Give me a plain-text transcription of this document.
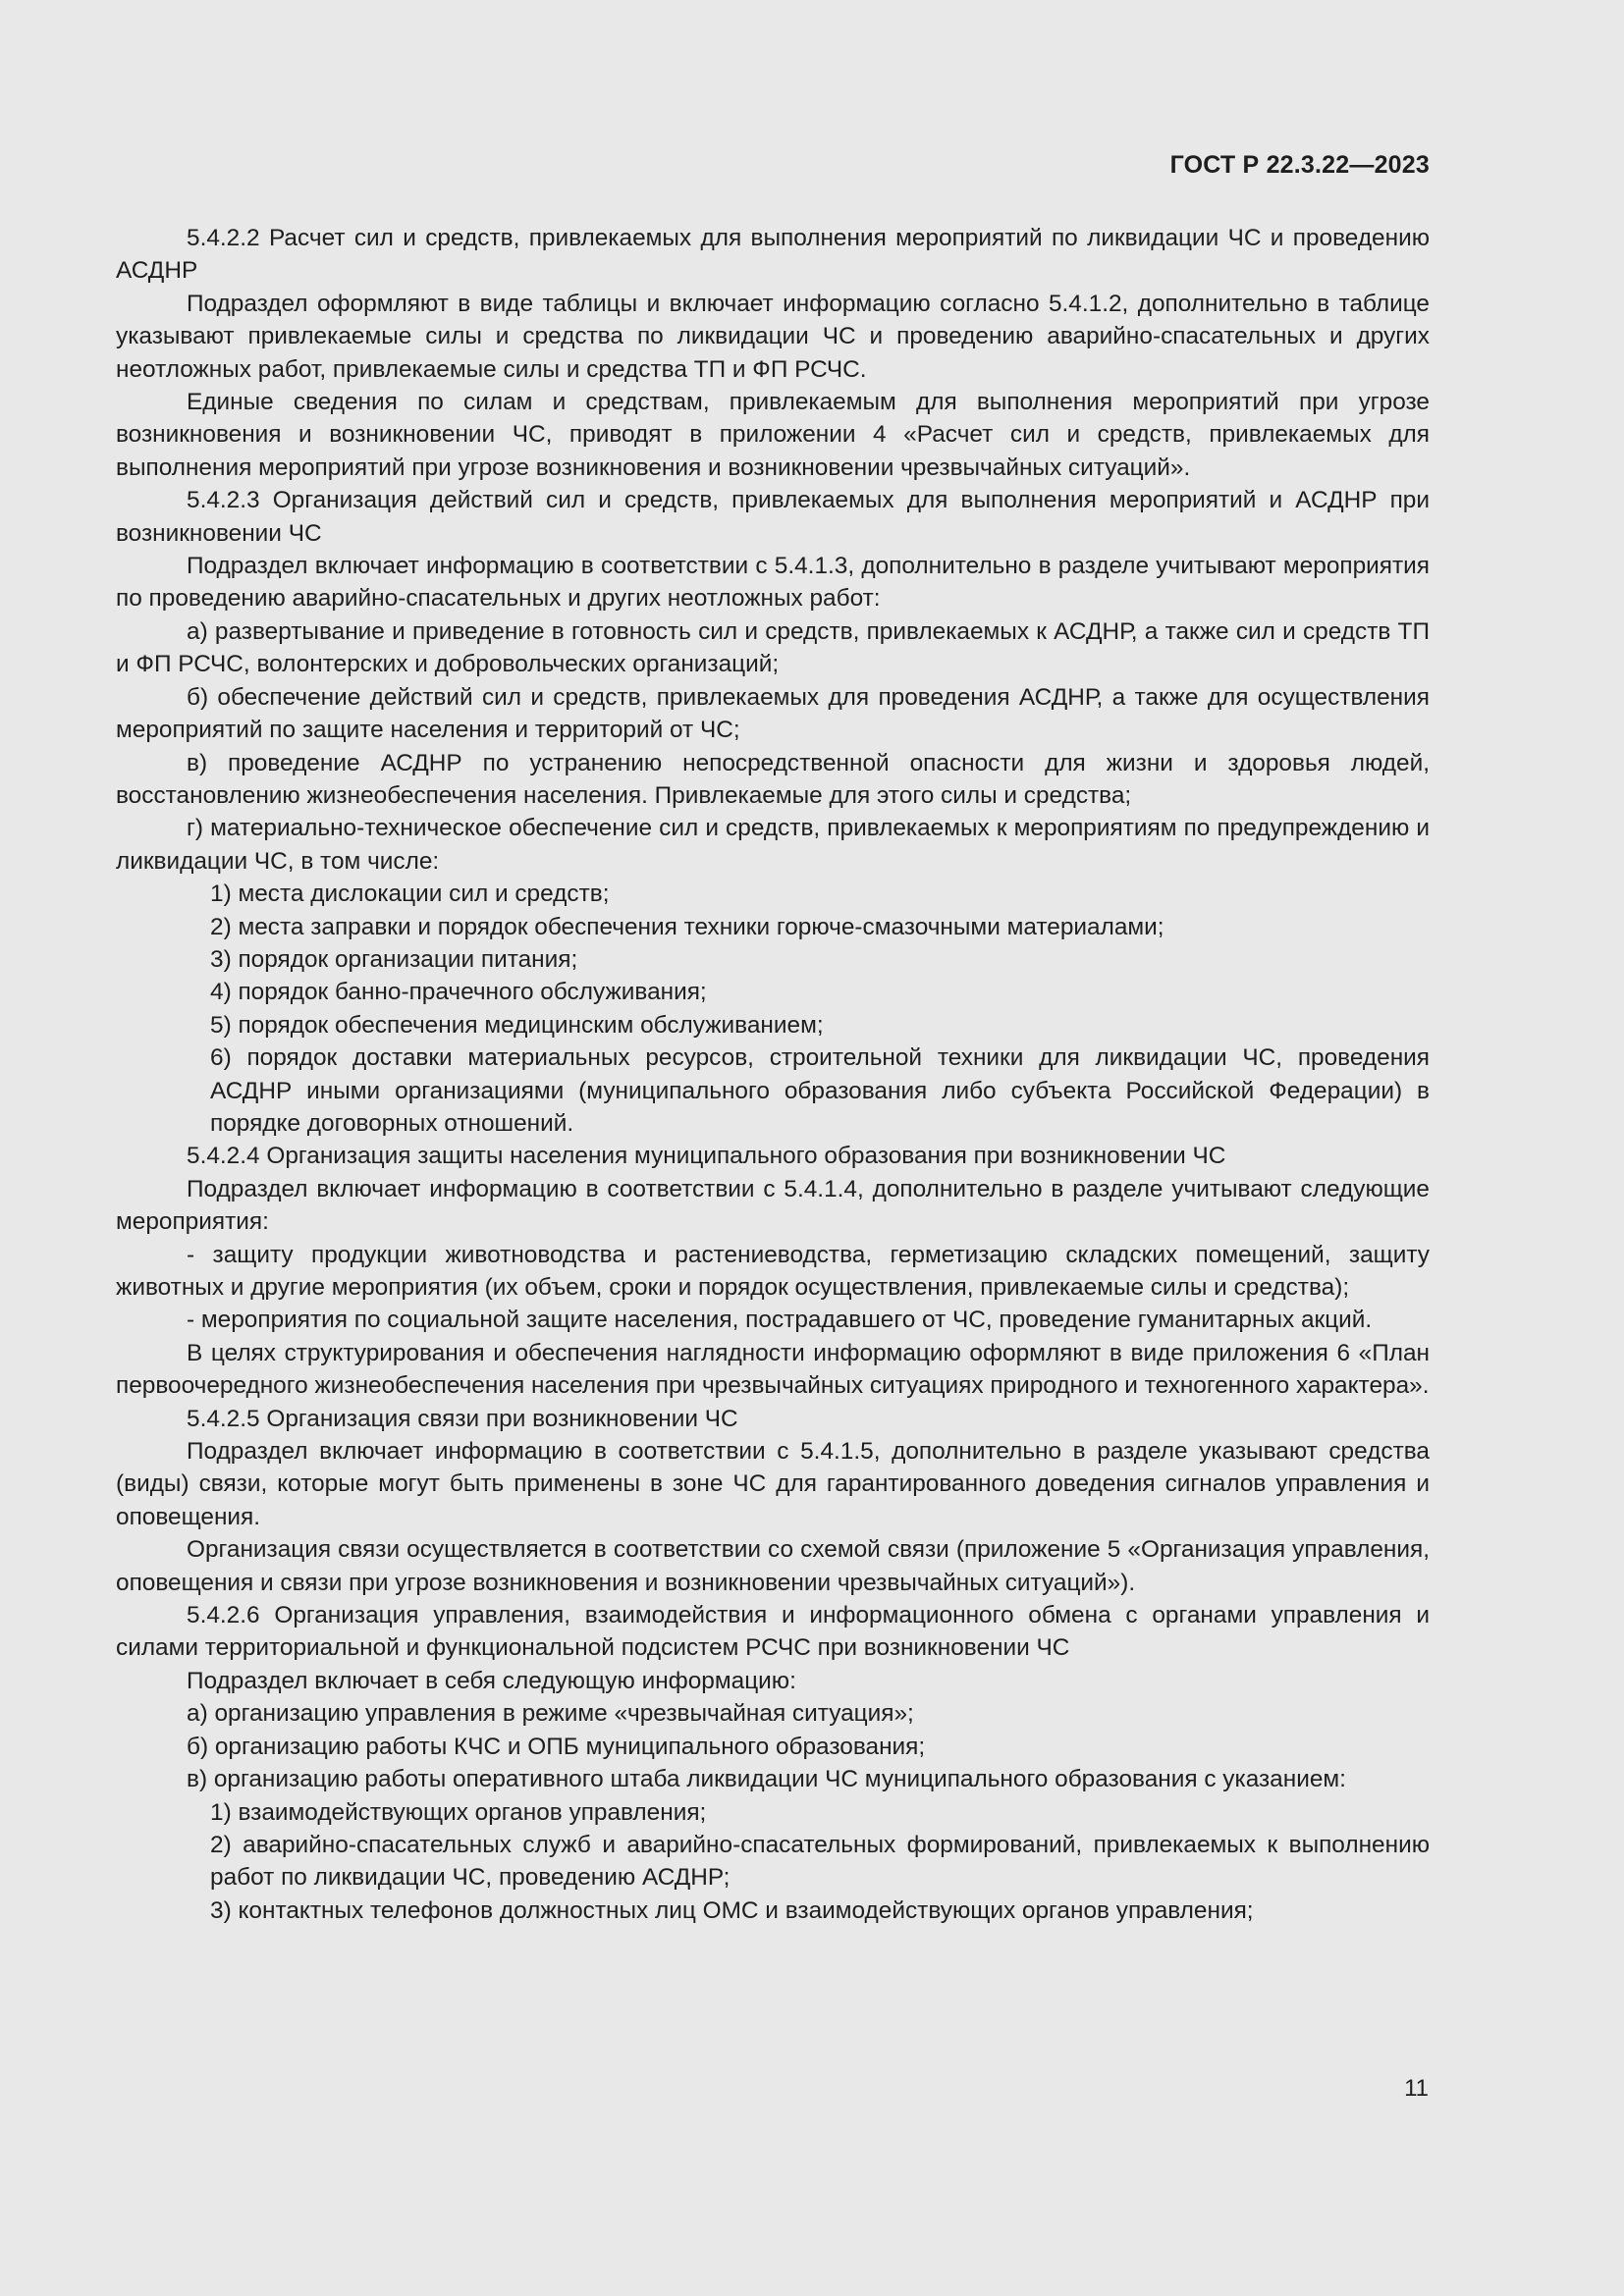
ГОСТ Р 22.3.22—2023

5.4.2.2 Расчет сил и средств, привлекаемых для выполнения мероприятий по ликвидации ЧС и проведению АСДНР

Подраздел оформляют в виде таблицы и включает информацию согласно 5.4.1.2, дополнительно в таблице указывают привлекаемые силы и средства по ликвидации ЧС и проведению аварийно-спасательных и других неотложных работ, привлекаемые силы и средства ТП и ФП РСЧС.

Единые сведения по силам и средствам, привлекаемым для выполнения мероприятий при угрозе возникновения и возникновении ЧС, приводят в приложении 4 «Расчет сил и средств, привлекаемых для выполнения мероприятий при угрозе возникновения и возникновении чрезвычайных ситуаций».

5.4.2.3 Организация действий сил и средств, привлекаемых для выполнения мероприятий и АСДНР при возникновении ЧС

Подраздел включает информацию в соответствии с 5.4.1.3, дополнительно в разделе учитывают мероприятия по проведению аварийно-спасательных и других неотложных работ:

а) развертывание и приведение в готовность сил и средств, привлекаемых к АСДНР, а также сил и средств ТП и ФП РСЧС, волонтерских и добровольческих организаций;

б) обеспечение действий сил и средств, привлекаемых для проведения АСДНР, а также для осуществления мероприятий по защите населения и территорий от ЧС;

в) проведение АСДНР по устранению непосредственной опасности для жизни и здоровья людей, восстановлению жизнеобеспечения населения. Привлекаемые для этого силы и средства;

г) материально-техническое обеспечение сил и средств, привлекаемых к мероприятиям по предупреждению и ликвидации ЧС, в том числе:

1) места дислокации сил и средств;

2) места заправки и порядок обеспечения техники горюче-смазочными материалами;

3) порядок организации питания;

4) порядок банно-прачечного обслуживания;

5) порядок обеспечения медицинским обслуживанием;

6) порядок доставки материальных ресурсов, строительной техники для ликвидации ЧС, проведения АСДНР иными организациями (муниципального образования либо субъекта Российской Федерации) в порядке договорных отношений.

5.4.2.4 Организация защиты населения муниципального образования при возникновении ЧС

Подраздел включает информацию в соответствии с 5.4.1.4, дополнительно в разделе учитывают следующие мероприятия:

- защиту продукции животноводства и растениеводства, герметизацию складских помещений, защиту животных и другие мероприятия (их объем, сроки и порядок осуществления, привлекаемые силы и средства);

- мероприятия по социальной защите населения, пострадавшего от ЧС, проведение гуманитарных акций.

В целях структурирования и обеспечения наглядности информацию оформляют в виде приложения 6 «План первоочередного жизнеобеспечения населения при чрезвычайных ситуациях природного и техногенного характера».

5.4.2.5 Организация связи при возникновении ЧС

Подраздел включает информацию в соответствии с 5.4.1.5, дополнительно в разделе указывают средства (виды) связи, которые могут быть применены в зоне ЧС для гарантированного доведения сигналов управления и оповещения.

Организация связи осуществляется в соответствии со схемой связи (приложение 5 «Организация управления, оповещения и связи при угрозе возникновения и возникновении чрезвычайных ситуаций»).

5.4.2.6 Организация управления, взаимодействия и информационного обмена с органами управления и силами территориальной и функциональной подсистем РСЧС при возникновении ЧС

Подраздел включает в себя следующую информацию:

а) организацию управления в режиме «чрезвычайная ситуация»;

б) организацию работы КЧС и ОПБ муниципального образования;

в) организацию работы оперативного штаба ликвидации ЧС муниципального образования с указанием:

1) взаимодействующих органов управления;

2) аварийно-спасательных служб и аварийно-спасательных формирований, привлекаемых к выполнению работ по ликвидации ЧС, проведению АСДНР;

3) контактных телефонов должностных лиц ОМС и взаимодействующих органов управления;

11
